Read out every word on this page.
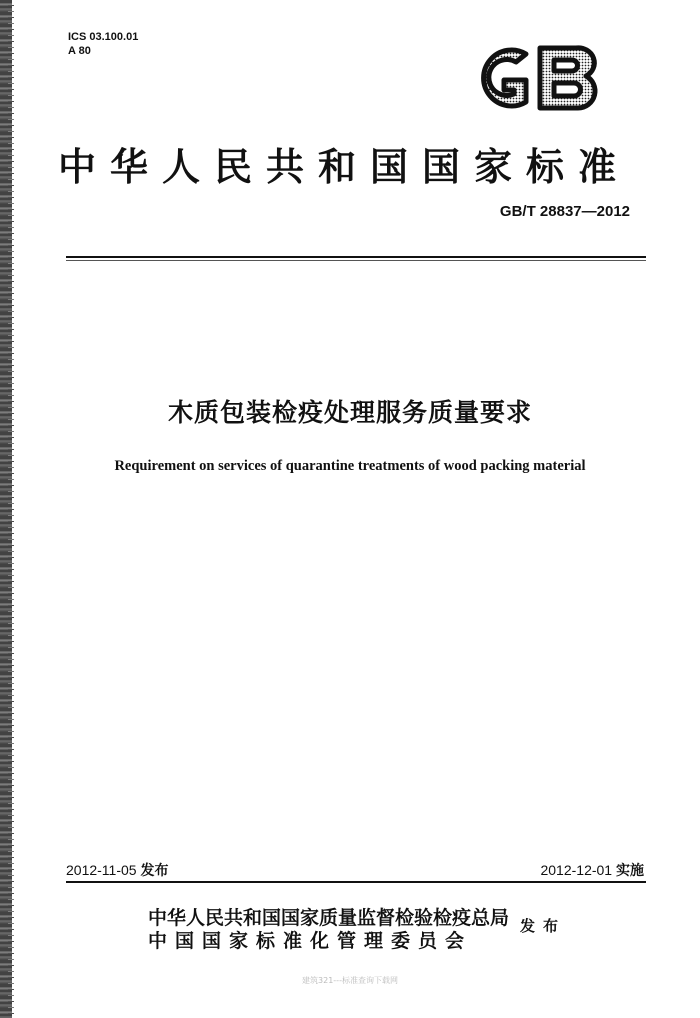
ICS 03.100.01
A 80
中华人民共和国国家标准
GB/T 28837—2012
木质包装检疫处理服务质量要求
Requirement on services of quarantine treatments of wood packing material
2012-11-05 发布	2012-12-01 实施
中华人民共和国国家质量监督检验检疫总局
中国国家标准化管理委员会
发布
建筑321---标准查询下载网
